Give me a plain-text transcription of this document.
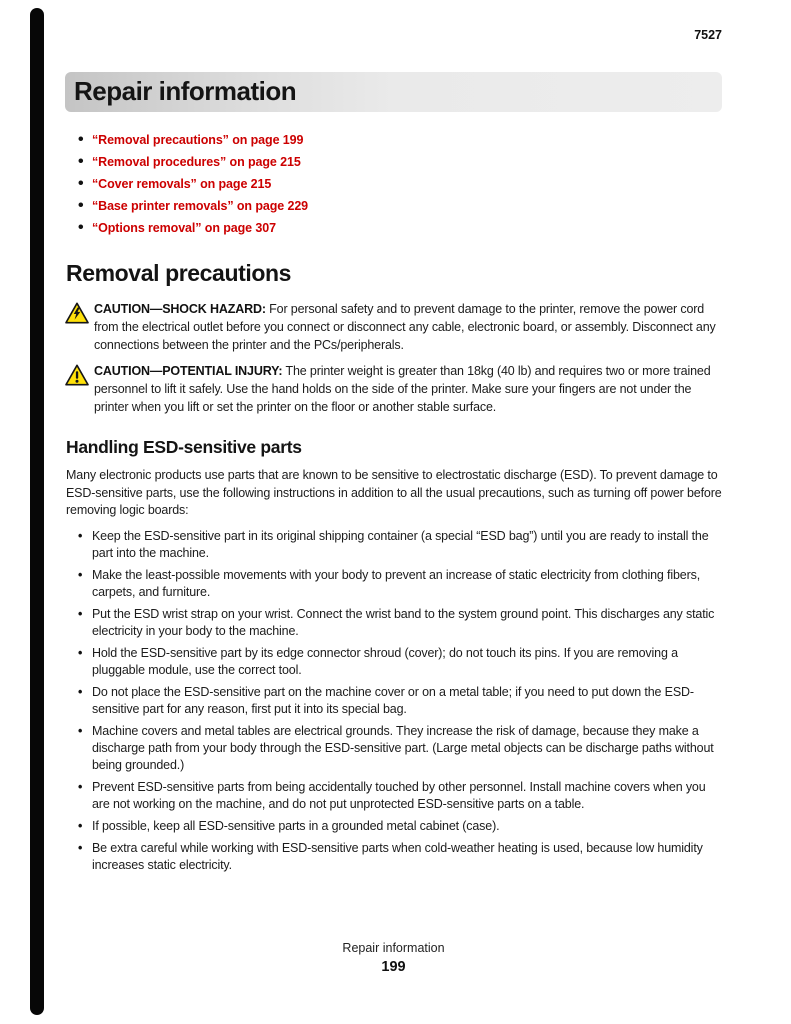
7527
Repair information
• “Removal precautions” on page 199
• “Removal procedures” on page 215
• “Cover removals” on page 215
• “Base printer removals” on page 229
• “Options removal” on page 307
Removal precautions
CAUTION—SHOCK HAZARD: For personal safety and to prevent damage to the printer, remove the power cord from the electrical outlet before you connect or disconnect any cable, electronic board, or assembly. Disconnect any connections between the printer and the PCs/peripherals.
CAUTION—POTENTIAL INJURY: The printer weight is greater than 18kg (40 lb) and requires two or more trained personnel to lift it safely. Use the hand holds on the side of the printer. Make sure your fingers are not under the printer when you lift or set the printer on the floor or another stable surface.
Handling ESD-sensitive parts

Many electronic products use parts that are known to be sensitive to electrostatic discharge (ESD). To prevent damage to ESD-sensitive parts, use the following instructions in addition to all the usual precautions, such as turning off power before removing logic boards:

• Keep the ESD-sensitive part in its original shipping container (a special “ESD bag”) until you are ready to install the part into the machine.
• Make the least-possible movements with your body to prevent an increase of static electricity from clothing fibers, carpets, and furniture.
• Put the ESD wrist strap on your wrist. Connect the wrist band to the system ground point. This discharges any static electricity in your body to the machine.
• Hold the ESD-sensitive part by its edge connector shroud (cover); do not touch its pins. If you are removing a pluggable module, use the correct tool.
• Do not place the ESD-sensitive part on the machine cover or on a metal table; if you need to put down the ESD-sensitive part for any reason, first put it into its special bag.
• Machine covers and metal tables are electrical grounds. They increase the risk of damage, because they make a discharge path from your body through the ESD-sensitive part. (Large metal objects can be discharge paths without being grounded.)
• Prevent ESD-sensitive parts from being accidentally touched by other personnel. Install machine covers when you are not working on the machine, and do not put unprotected ESD-sensitive parts on a table.
• If possible, keep all ESD-sensitive parts in a grounded metal cabinet (case).
• Be extra careful while working with ESD-sensitive parts when cold-weather heating is used, because low humidity increases static electricity.
Repair information
199
